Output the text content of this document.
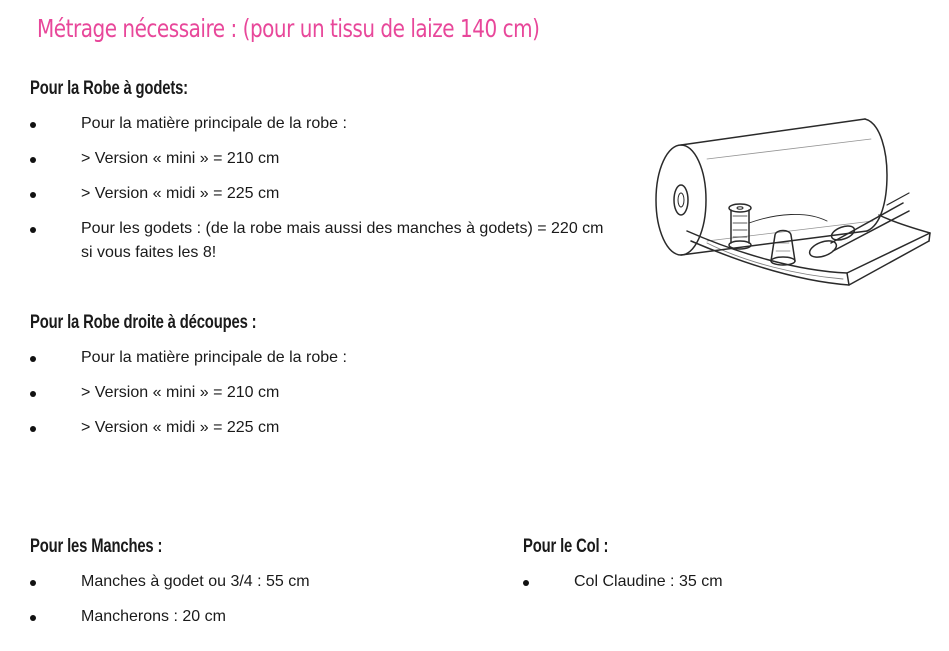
Métrage nécessaire : (pour un tissu de laize 140 cm)
Pour la Robe à godets:
Pour la matière principale de la robe :
> Version « mini » = 210 cm
> Version « midi » = 225 cm
Pour les godets : (de la robe mais aussi des manches à godets) = 220 cm si vous faites les 8!
Pour la Robe droite à découpes :
Pour la matière principale de la robe :
> Version « mini » = 210 cm
> Version « midi » = 225 cm
Pour les Manches :
Manches à godet ou 3/4 : 55 cm
Mancherons : 20 cm
Pour le Col :
Col Claudine : 35 cm
